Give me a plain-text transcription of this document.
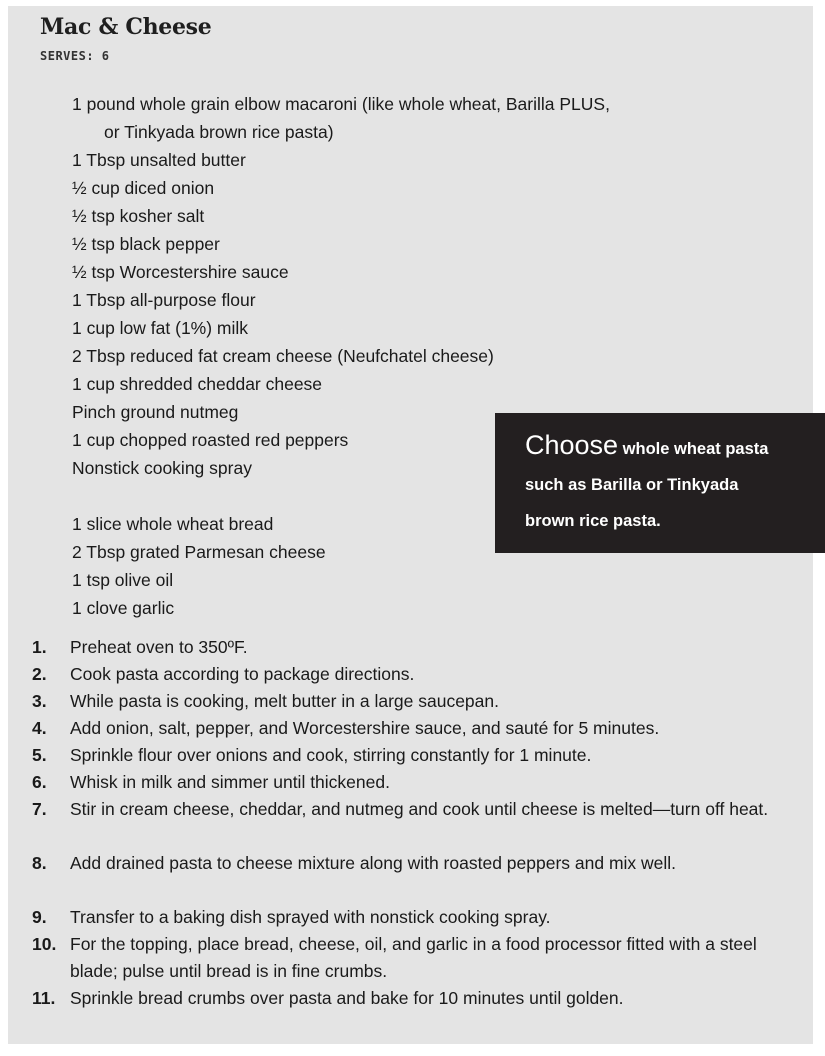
Mac & Cheese
SERVES: 6

1 pound whole grain elbow macaroni (like whole wheat, Barilla PLUS,

or Tinkyada brown rice pasta)

1 Tbsp unsalted butter

½ cup diced onion

½ tsp kosher salt

½ tsp black pepper

½ tsp Worcestershire sauce

1 Tbsp all-purpose flour

1 cup low fat (1%) milk

2 Tbsp reduced fat cream cheese (Neufchatel cheese)

1 cup shredded cheddar cheese

Pinch ground nutmeg

1 cup chopped roasted red peppers

Nonstick cooking spray

1 slice whole wheat bread

2 Tbsp grated Parmesan cheese

1 tsp olive oil

1 clove garlic

1. Preheat oven to 350ºF.
2. Cook pasta according to package directions.
3. While pasta is cooking, melt butter in a large saucepan.
4. Add onion, salt, pepper, and Worcestershire sauce, and sauté for 5 minutes.
5. Sprinkle flour over onions and cook, stirring constantly for 1 minute.
6. Whisk in milk and simmer until thickened.
7. Stir in cream cheese, cheddar, and nutmeg and cook until cheese is melted—turn off heat.
8. Add drained pasta to cheese mixture along with roasted peppers and mix well.
9. Transfer to a baking dish sprayed with nonstick cooking spray.
10. For the topping, place bread, cheese, oil, and garlic in a food processor fitted with a steel blade; pulse until bread is in fine crumbs.
11. Sprinkle bread crumbs over pasta and bake for 10 minutes until golden.
Choose whole wheat pasta
such as Barilla or Tinkyada
brown rice pasta.
